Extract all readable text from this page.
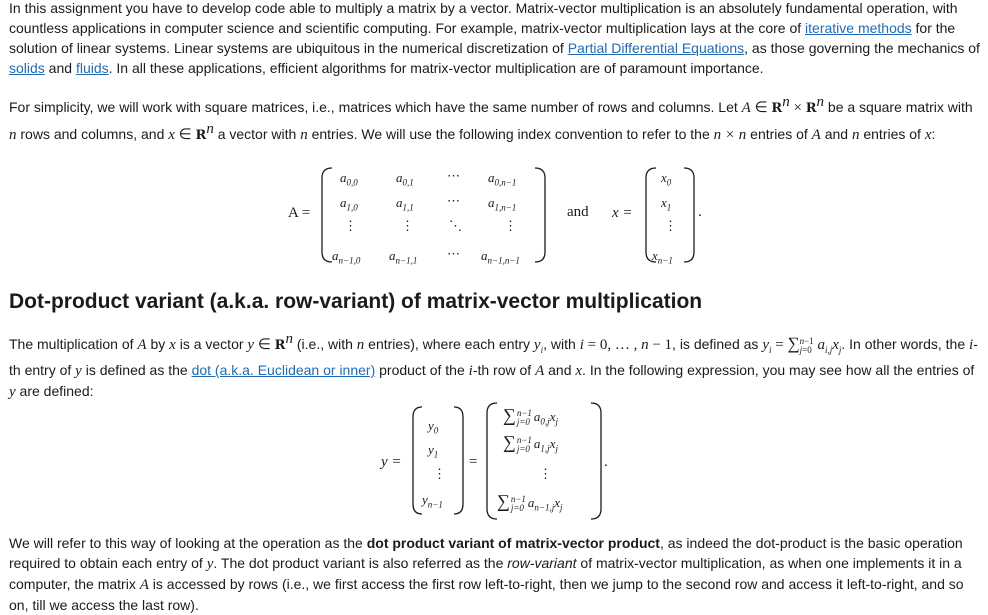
In this assignment you have to develop code able to multiply a matrix by a vector. Matrix-vector multiplication is an absolutely fundamental operation, with countless applications in computer science and scientific computing. For example, matrix-vector multiplication lays at the core of iterative methods for the solution of linear systems. Linear systems are ubiquitous in the numerical discretization of Partial Differential Equations, as those governing the mechanics of solids and fluids. In all these applications, efficient algorithms for matrix-vector multiplication are of paramount importance.

For simplicity, we will work with square matrices, i.e., matrices which have the same number of rows and columns. Let A ∈ $R^n \times R^n$ be a square matrix with n rows and columns, and x ∈ $R^n$ a vector with n entries. We will use the following index convention to refer to the n × n entries of A and n entries of x:

A =
$a_{0,0}$	$a_{0,1}$	⋯ $a_{0,n-1}$
$a_{1,0}$	$a_{1,1}$	⋯ $a_{1,n-1}$
⋮	⋮	⋱	⋮
$a_{n-1,0}$ $a_{n-1,1}$ ⋯ $a_{n-1,n-1}$
and x =
$x_0$
$x_1$
⋮
$x_{n-1}$
.
Dot-product variant (a.k.a. row-variant) of matrix-vector multiplication

The multiplication of A by x is a vector y ∈ $R^n$ (i.e., with n entries), where each entry $y_i$, with i = 0, … , n − 1, is defined as $y_i = \sum n-1$
j=0 $a_{i,j}x_j$. In other words, the i-th entry of y is defined as the dot (a.k.a. Euclidean or inner) product of the i-th row of A and x. In the following expression, you may see how all the entries of y are defined:

y =
$y_0$
$y_1$
⋮
$y_{n-1}$
=
∑n−1
j=0 $a_{0,j}x_j$
∑n−1
j=0 $a_{1,j}x_j$
⋮
∑n−1
j=0 $a_{n-1,j}x_j$
.

We will refer to this way of looking at the operation as the dot product variant of matrix-vector product, as indeed the dot-product is the basic operation required to obtain each entry of y. The dot product variant is also referred as the row-variant of matrix-vector multiplication, as when one implements it in a computer, the matrix A is accessed by rows (i.e., we first access the first row left-to-right, then we jump to the second row and access it left-to-right, and so on, till we access the last row).
